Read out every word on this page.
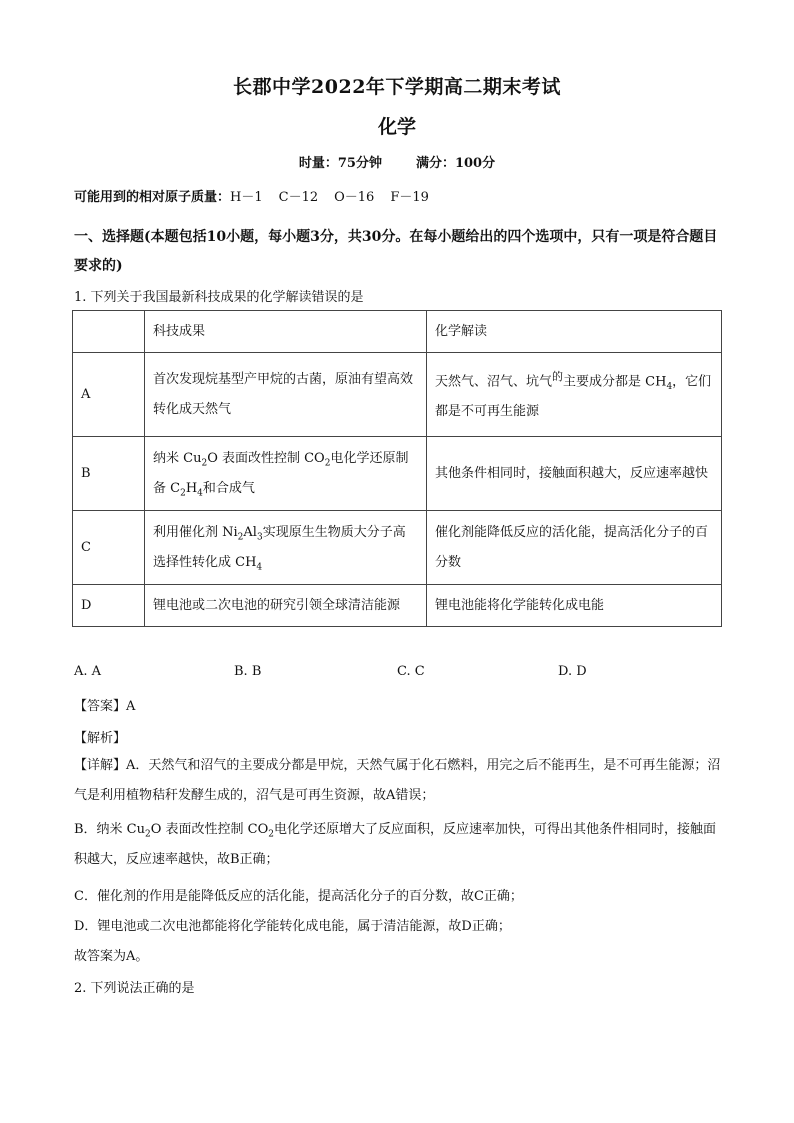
长郡中学2022年下学期高二期末考试
化学
时量：75分钟	满分：100分
可能用到的相对原子质量：H－1 C－12 O－16 F－19
一、选择题(本题包括10小题，每小题3分，共30分。在每小题给出的四个选项中，只有一项是符合题目要求的)
1. 下列关于我国最新科技成果的化学解读错误的是
	科技成果	化学解读
A	首次发现烷基型产甲烷的古菌，原油有望高效转化成天然气	天然气、沼气、坑气$^的$主要成分都是 $CH_4$，它们都是不可再生能源
B	纳米 $Cu_2O$ 表面改性控制 $CO_2$电化学还原制备 $C_2H_4$和合成气	其他条件相同时，接触面积越大，反应速率越快
C	利用催化剂 $Ni_2Al_3$实现原生生物质大分子高选择性转化成 $CH_4$	催化剂能降低反应的活化能，提高活化分子的百分数
D	锂电池或二次电池的研究引领全球清洁能源	锂电池能将化学能转化成电能
A. A	B. B	C. C	D. D
【答案】A
【解析】
【详解】A．天然气和沼气的主要成分都是甲烷，天然气属于化石燃料，用完之后不能再生，是不可再生能源；沼气是利用植物秸秆发酵生成的，沼气是可再生资源，故A错误；
B．纳米 $Cu_2O$ 表面改性控制 $CO_2$电化学还原增大了反应面积，反应速率加快，可得出其他条件相同时，接触面积越大，反应速率越快，故B正确；
C．催化剂的作用是能降低反应的活化能，提高活化分子的百分数，故C正确；
D．锂电池或二次电池都能将化学能转化成电能，属于清洁能源，故D正确；
故答案为A。
2. 下列说法正确的是
